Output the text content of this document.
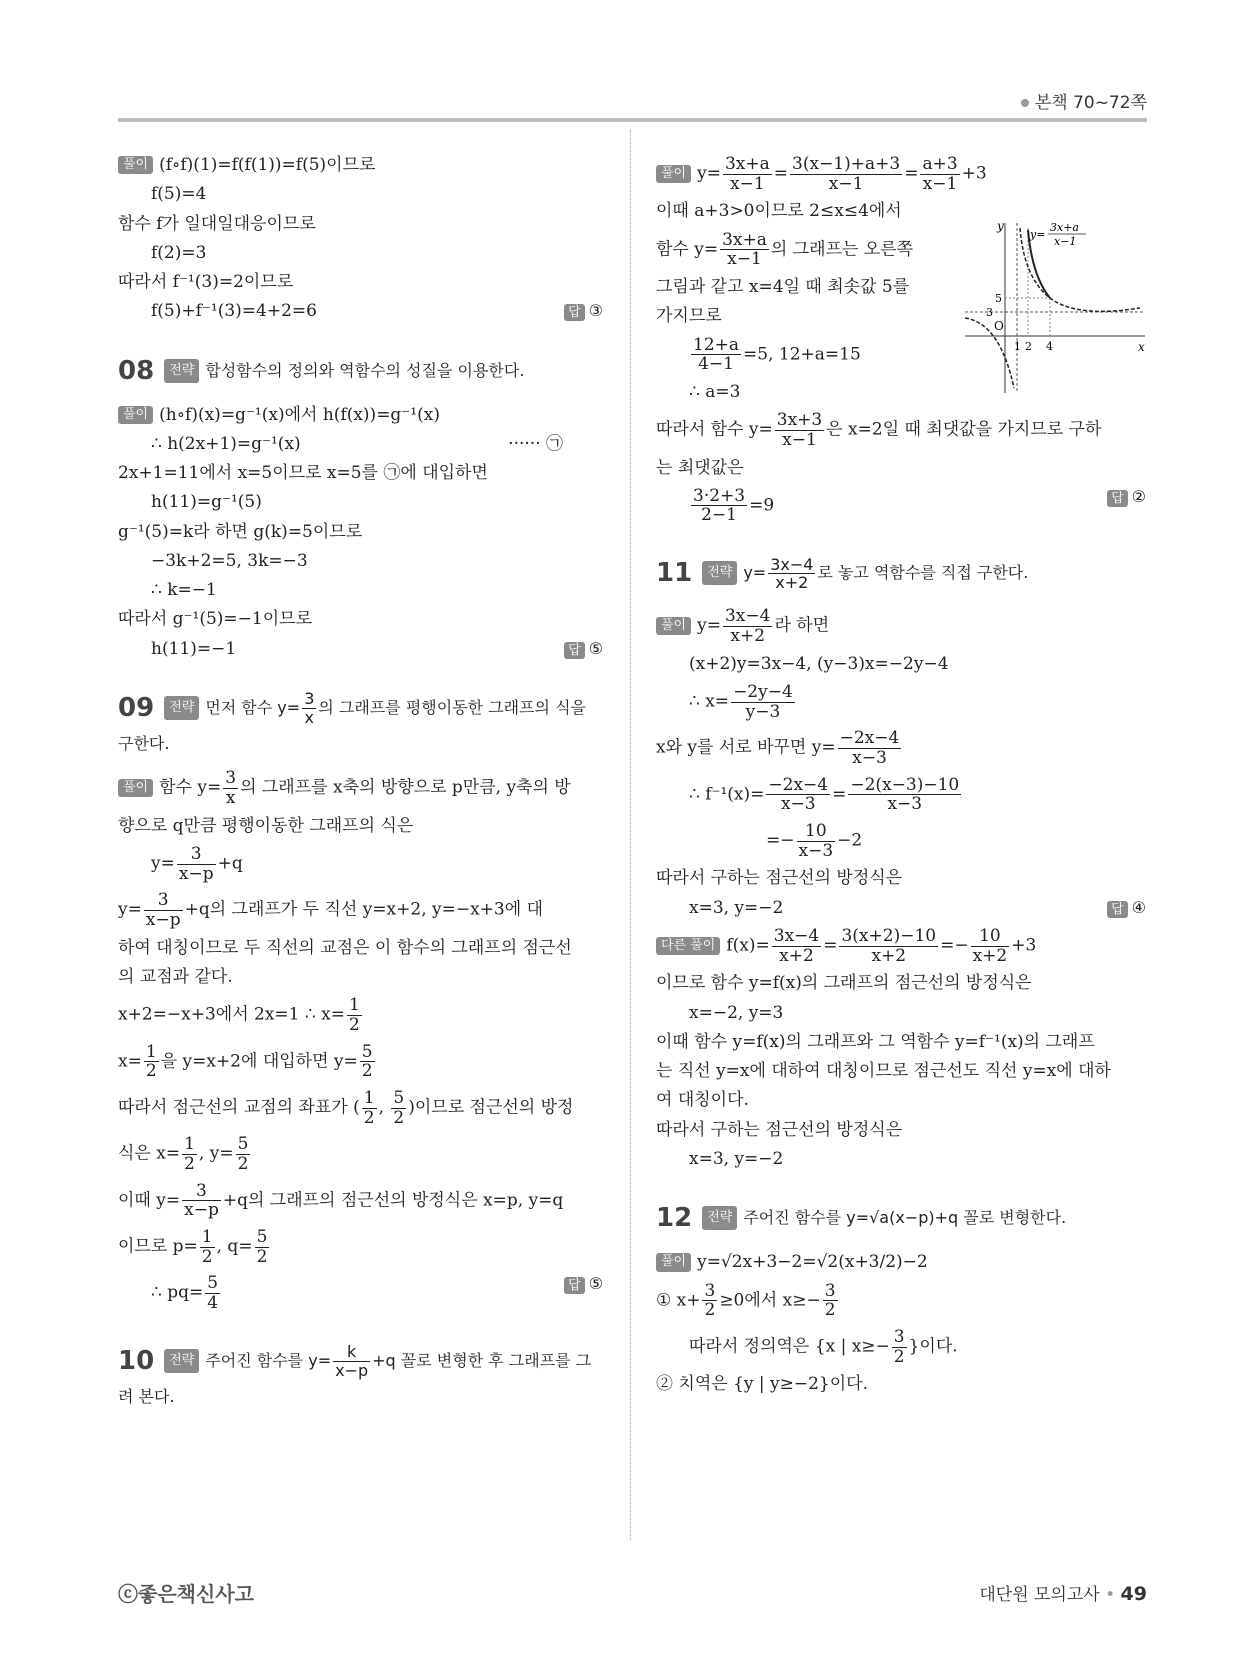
본책 70~72쪽
풀이 (f∘f)(1)=f(f(1))=f(5)이므로
f(5)=4
함수 f가 일대일대응이므로
f(2)=3
따라서 f⁻¹(3)=2이므로
f(5)+f⁻¹(3)=4+2=6	답 ③
08 전략 합성함수의 정의와 역함수의 성질을 이용한다.
풀이 (h∘f)(x)=g⁻¹(x)에서 h(f(x))=g⁻¹(x)
∴ h(2x+1)=g⁻¹(x)	······ ㉠
2x+1=11에서 x=5이므로 x=5를 ㉠에 대입하면
h(11)=g⁻¹(5)
g⁻¹(5)=k라 하면 g(k)=5이므로
−3k+2=5, 3k=−3
∴ k=−1
따라서 g⁻¹(5)=−1이므로
h(11)=−1	답 ⑤
09 전략 먼저 함수 $y= \frac{3}{x}$ 의 그래프를 평행이동한 그래프의 식을 구한다.
풀이 함수 $y= \frac{3}{x}$ 의 그래프를 x축의 방향으로 p만큼, y축의 방
향으로 q만큼 평행이동한 그래프의 식은
$y= \frac{3}{x-p} +q$
$y= \frac{3}{x-p} +q$의 그래프가 두 직선 y=x+2, y=−x+3에 대
하여 대칭이므로 두 직선의 교점은 이 함수의 그래프의 점근선
의 교점과 같다.
x+2=−x+3에서 2x=1 ∴ $x= \frac{1}{2}$
$x= \frac{1}{2}$ 을 y=x+2에 대입하면 $y= \frac{5}{2}$
따라서 점근선의 교점의 좌표가 ( $\frac{1}{2}$ , $\frac{5}{2}$ )이므로 점근선의 방정
식은 $x= \frac{1}{2}$ , $y= \frac{5}{2}$
이때 $y= \frac{3}{x-p} +q$의 그래프의 점근선의 방정식은 x=p, y=q
이므로 $p= \frac{1}{2}$ , $q= \frac{5}{2}$
∴ $pq= \frac{5}{4}$	답 ⑤
10 전략 주어진 함수를 $y= \frac{k}{x-p} +q$ 꼴로 변형한 후 그래프를 그려 본다.
풀이 $y= \frac{3x+a}{x-1} = \frac{3(x-1)+a+3}{x-1} = \frac{a+3}{x-1} +3$
이때 a+3>0이므로 2≤x≤4에서
함수 $y= \frac{3x+a}{x-1}$ 의 그래프는 오른쪽
그림과 같고 x=4일 때 최솟값 5를
가지므로
$\frac{12+a}{4-1} =5$, 12+a=15
∴ a=3
따라서 함수 $y= \frac{3x+3}{x-1}$ 은 x=2일 때 최댓값을 가지므로 구하
는 최댓값은
$\frac{3\cdot 2+3}{2-1} =9$	답 ②
11 전략 $y= \frac{3x-4}{x+2}$ 로 놓고 역함수를 직접 구한다.
풀이 $y= \frac{3x-4}{x+2}$ 라 하면
(x+2)y=3x−4, (y−3)x=−2y−4
∴ $x= \frac{-2y-4}{y-3}$
x와 y를 서로 바꾸면 $y= \frac{-2x-4}{x-3}$
∴ $f^{-1}(x)= \frac{-2x-4}{x-3} = \frac{-2(x-3)-10}{x-3}$
=− $\frac{10}{x-3} -2$
따라서 구하는 점근선의 방정식은
x=3, y=−2	답 ④
다른 풀이 $f(x)= \frac{3x-4}{x+2} = \frac{3(x+2)-10}{x+2} =- \frac{10}{x+2} +3$
이므로 함수 y=f(x)의 그래프의 점근선의 방정식은
x=−2, y=3
이때 함수 y=f(x)의 그래프와 그 역함수 y=f⁻¹(x)의 그래프
는 직선 y=x에 대하여 대칭이므로 점근선도 직선 y=x에 대하
여 대칭이다.
따라서 구하는 점근선의 방정식은
x=3, y=−2
12 전략 주어진 함수를 y=√a(x−p)+q 꼴로 변형한다.
풀이 y=√2x+3−2=√2(x+3/2)−2
① $x+ \frac{3}{2} \ge 0$에서 $x\ge- \frac{3}{2}$
따라서 정의역은 {x | $x\ge- \frac{3}{2}$ }이다.
② 치역은 {y | y≥−2}이다.
y
x
O
1 2 4
5
3
y=
3x+a
x−1
ⓒ좋은책신사고	대단원 모의고사 • 49
